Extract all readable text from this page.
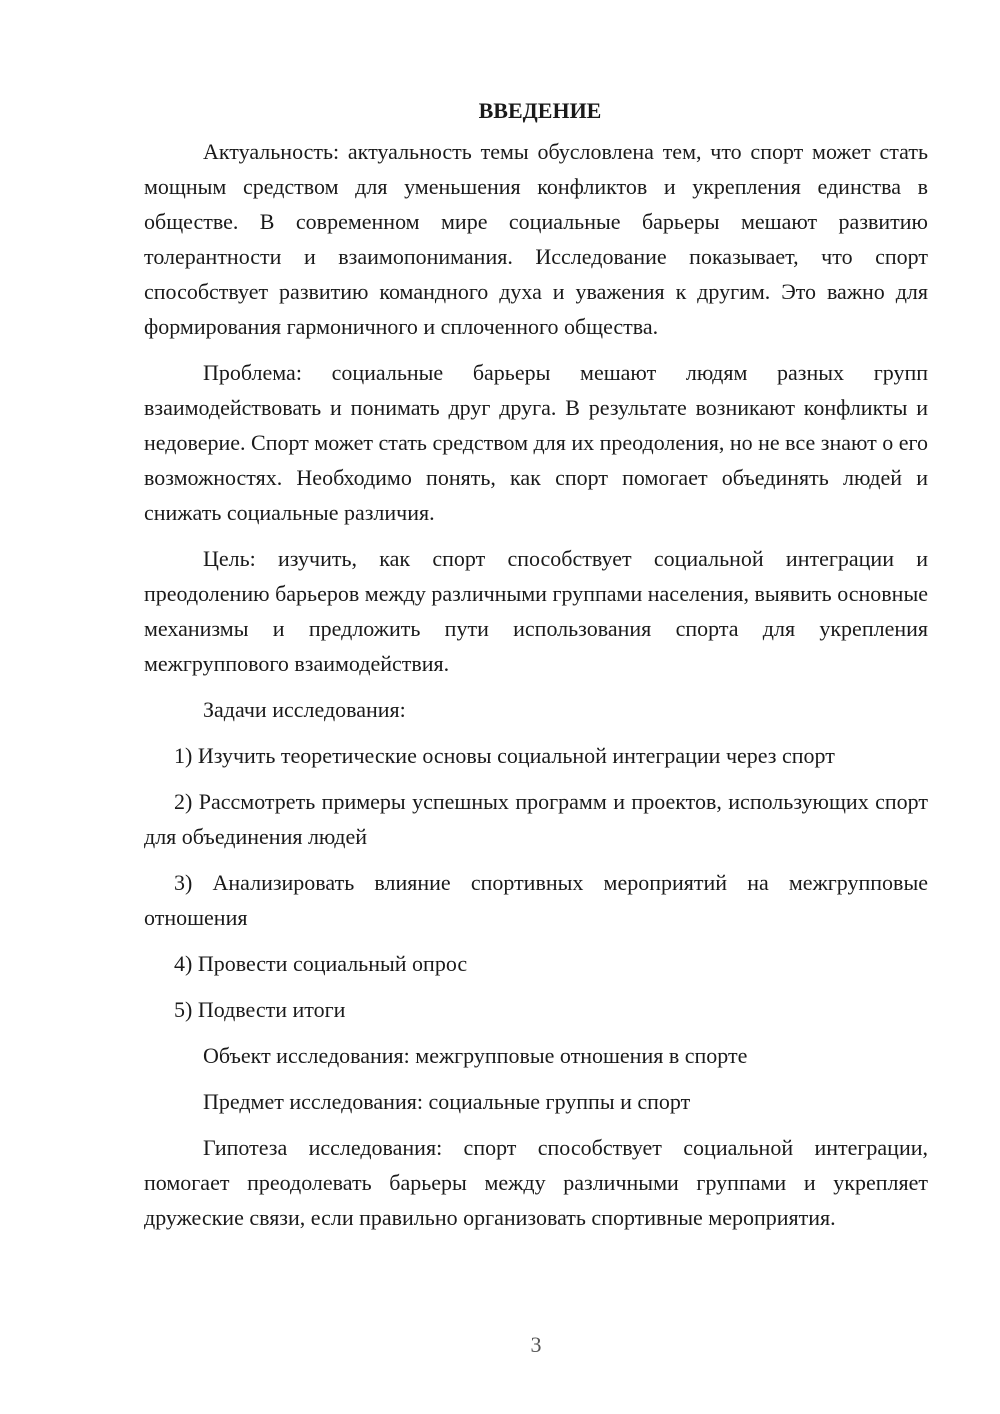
ВВЕДЕНИЕ
Актуальность: актуальность темы обусловлена тем, что спорт может стать мощным средством для уменьшения конфликтов и укрепления единства в обществе. В современном мире социальные барьеры мешают развитию толерантности и взаимопонимания. Исследование показывает, что спорт способствует развитию командного духа и уважения к другим. Это важно для формирования гармоничного и сплоченного общества.
Проблема: социальные барьеры мешают людям разных групп взаимодействовать и понимать друг друга. В результате возникают конфликты и недоверие. Спорт может стать средством для их преодоления, но не все знают о его возможностях. Необходимо понять, как спорт помогает объединять людей и снижать социальные различия.
Цель: изучить, как спорт способствует социальной интеграции и преодолению барьеров между различными группами населения, выявить основные механизмы и предложить пути использования спорта для укрепления межгруппового взаимодействия.
Задачи исследования:
1) Изучить теоретические основы социальной интеграции через спорт
2) Рассмотреть примеры успешных программ и проектов, использующих спорт для объединения людей
3) Анализировать влияние спортивных мероприятий на межгрупповые отношения
4) Провести социальный опрос
5) Подвести итоги
Объект исследования: межгрупповые отношения в спорте
Предмет исследования: социальные группы и спорт
Гипотеза исследования: спорт способствует социальной интеграции, помогает преодолевать барьеры между различными группами и укрепляет дружеские связи, если правильно организовать спортивные мероприятия.
3
